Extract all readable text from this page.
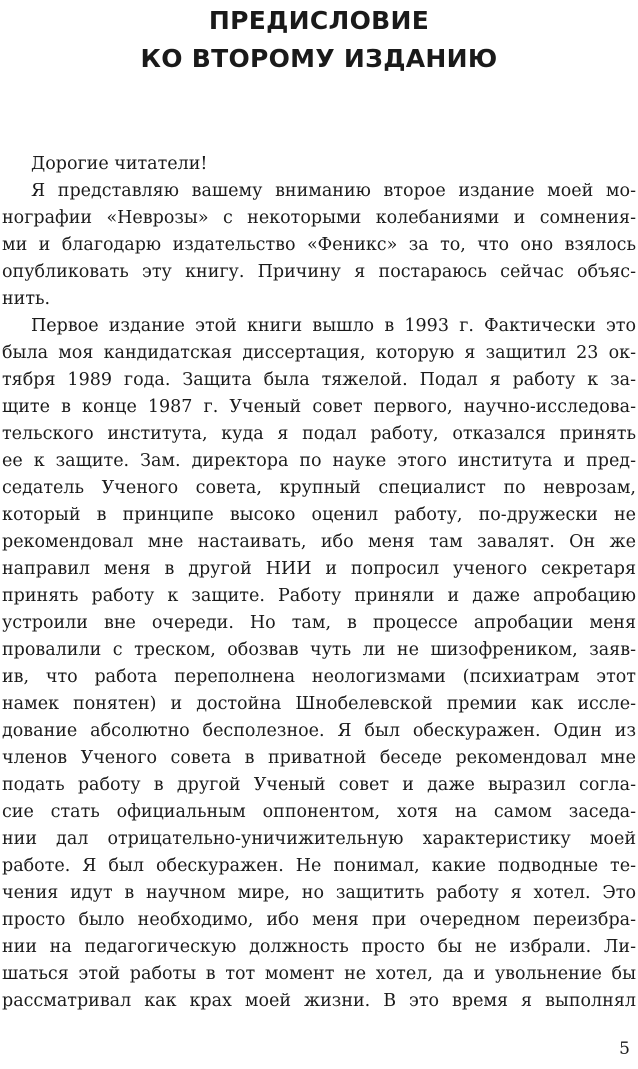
ПРЕДИСЛОВИЕ
КО ВТОРОМУ ИЗДАНИЮ

Дорогие читатели!

Я представляю вашему вниманию второе издание моей мо-
нографии «Неврозы» с некоторыми колебаниями и сомнения-
ми и благодарю издательство «Феникс» за то, что оно взялось
опубликовать эту книгу. Причину я постараюсь сейчас объяс-
нить.
Первое издание этой книги вышло в 1993 г. Фактически это
была моя кандидатская диссертация, которую я защитил 23 ок-
тября 1989 года. Защита была тяжелой. Подал я работу к за-
щите в конце 1987 г. Ученый совет первого, научно-исследова-
тельского института, куда я подал работу, отказался принять
ее к защите. Зам. директора по науке этого института и пред-
седатель Ученого совета, крупный специалист по неврозам,
который в принципе высоко оценил работу, по-дружески не
рекомендовал мне настаивать, ибо меня там завалят. Он же
направил меня в другой НИИ и попросил ученого секретаря
принять работу к защите. Работу приняли и даже апробацию
устроили вне очереди. Но там, в процессе апробации меня
провалили с треском, обозвав чуть ли не шизофреником, заяв-
ив, что работа переполнена неологизмами (психиатрам этот
намек понятен) и достойна Шнобелевской премии как иссле-
дование абсолютно бесполезное. Я был обескуражен. Один из
членов Ученого совета в приватной беседе рекомендовал мне
подать работу в другой Ученый совет и даже выразил согла-
сие стать официальным оппонентом, хотя на самом заседа-
нии дал отрицательно-уничижительную характеристику моей
работе. Я был обескуражен. Не понимал, какие подводные те-
чения идут в научном мире, но защитить работу я хотел. Это
просто было необходимо, ибо меня при очередном переизбра-
нии на педагогическую должность просто бы не избрали. Ли-
шаться этой работы в тот момент не хотел, да и увольнение бы
рассматривал как крах моей жизни. В это время я выполнял
5
